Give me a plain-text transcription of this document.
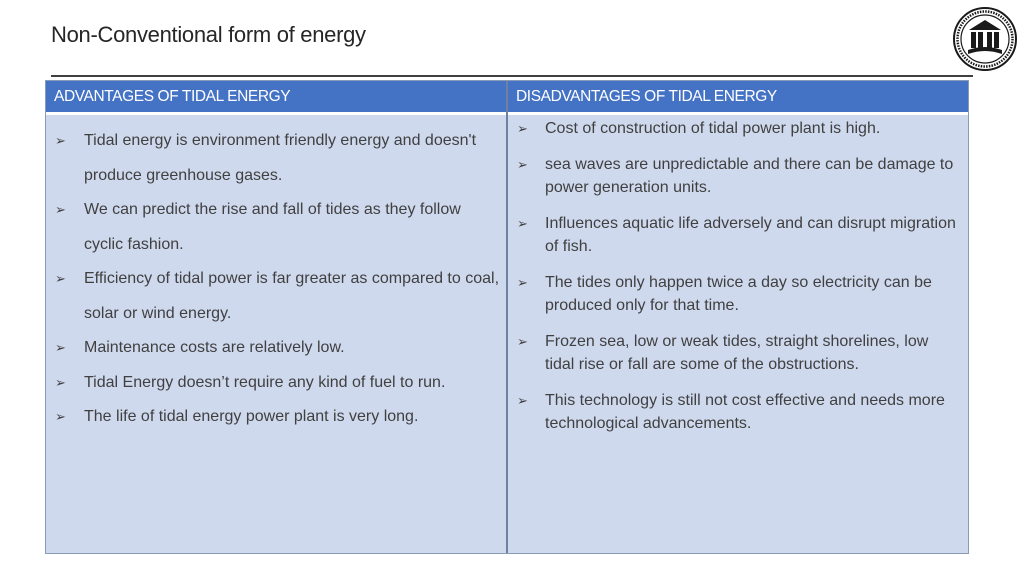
Non-Conventional form of energy
ADVANTAGES OF TIDAL ENERGY
➢ Tidal energy is environment friendly energy and doesn't produce greenhouse gases.
➢ We can predict the rise and fall of tides as they follow cyclic fashion.
➢ Efficiency of tidal power is far greater as compared to coal, solar or wind energy.
➢ Maintenance costs are relatively low.
➢ Tidal Energy doesn’t require any kind of fuel to run.
➢ The life of tidal energy power plant is very long.
DISADVANTAGES OF TIDAL ENERGY
➢ Cost of construction of tidal power plant is high.
➢ sea waves are unpredictable and there can be damage to power generation units.
➢ Influences aquatic life adversely and can disrupt migration of fish.
➢ The tides only happen twice a day so electricity can be produced only for that time.
➢ Frozen sea, low or weak tides, straight shorelines, low tidal rise or fall are some of the obstructions.
➢ This technology is still not cost effective and needs more technological advancements.
